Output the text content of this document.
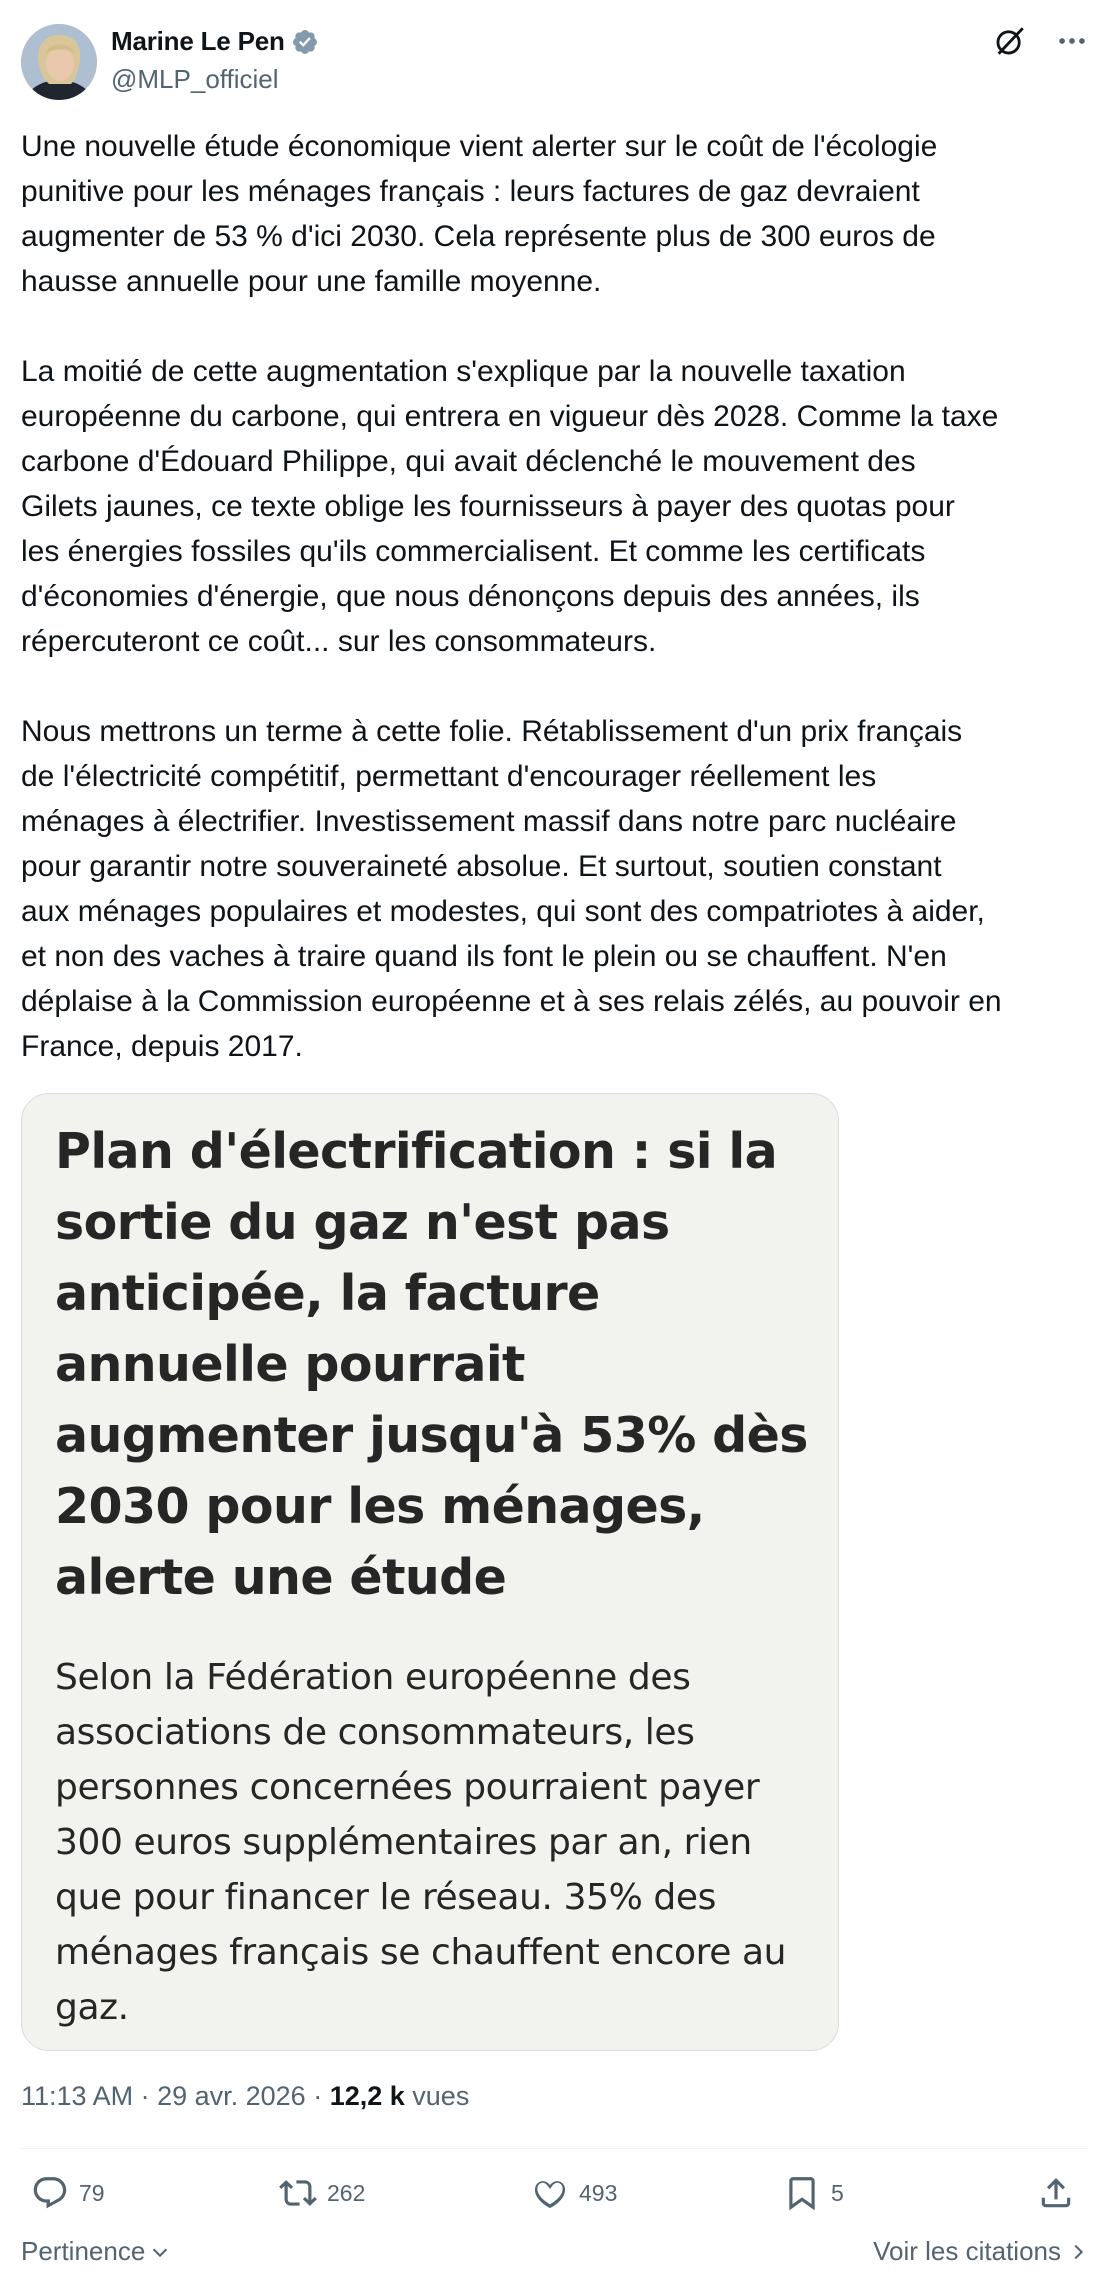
Marine Le Pen
@MLP_officiel

Une nouvelle étude économique vient alerter sur le coût de l'écologie
punitive pour les ménages français : leurs factures de gaz devraient
augmenter de 53 % d'ici 2030. Cela représente plus de 300 euros de
hausse annuelle pour une famille moyenne.

La moitié de cette augmentation s'explique par la nouvelle taxation
européenne du carbone, qui entrera en vigueur dès 2028. Comme la taxe
carbone d'Édouard Philippe, qui avait déclenché le mouvement des
Gilets jaunes, ce texte oblige les fournisseurs à payer des quotas pour
les énergies fossiles qu'ils commercialisent. Et comme les certificats
d'économies d'énergie, que nous dénonçons depuis des années, ils
répercuteront ce coût... sur les consommateurs.

Nous mettrons un terme à cette folie. Rétablissement d'un prix français
de l'électricité compétitif, permettant d'encourager réellement les
ménages à électrifier. Investissement massif dans notre parc nucléaire
pour garantir notre souveraineté absolue. Et surtout, soutien constant
aux ménages populaires et modestes, qui sont des compatriotes à aider,
et non des vaches à traire quand ils font le plein ou se chauffent. N'en
déplaise à la Commission européenne et à ses relais zélés, au pouvoir en
France, depuis 2017.

Plan d'électrification : si la sortie du gaz n'est pas anticipée, la facture annuelle pourrait augmenter jusqu'à 53% dès 2030 pour les ménages, alerte une étude

Selon la Fédération européenne des associations de consommateurs, les personnes concernées pourraient payer 300 euros supplémentaires par an, rien que pour financer le réseau. 35% des ménages français se chauffent encore au gaz.

11:13 AM · 29 avr. 2026 · 12,2 k vues
79	262	493	5
Pertinence	Voir les citations
